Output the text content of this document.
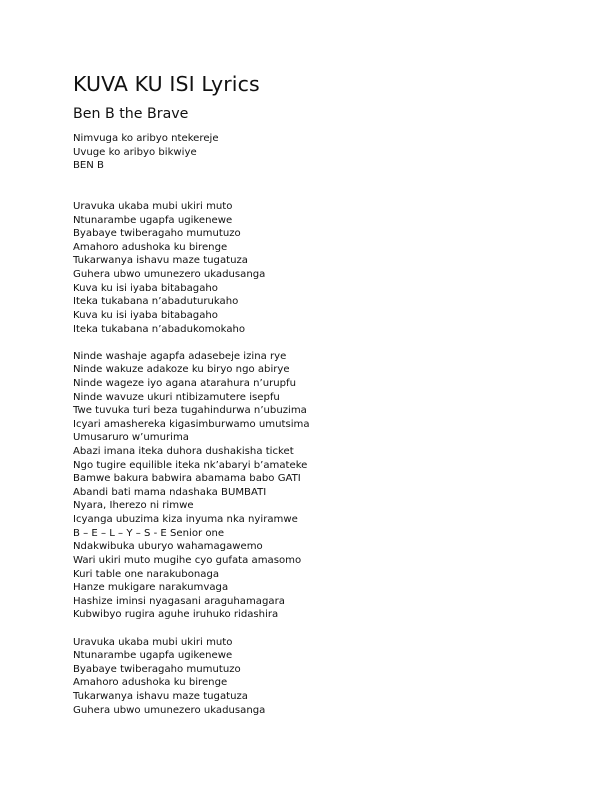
KUVA KU ISI Lyrics
Ben B the Brave
Nimvuga ko aribyo ntekereje
Uvuge ko aribyo bikwiye
BEN B
Uravuka ukaba mubi ukiri muto
Ntunarambe ugapfa ugikenewe
Byabaye twiberagaho mumutuzo
Amahoro adushoka ku birenge
Tukarwanya ishavu maze tugatuza
Guhera ubwo umunezero ukadusanga
Kuva ku isi iyaba bitabagaho
Iteka tukabana n’abaduturukaho
Kuva ku isi iyaba bitabagaho
Iteka tukabana n’abadukomokaho
Ninde washaje agapfa adasebeje izina rye
Ninde wakuze adakoze ku biryo ngo abirye
Ninde wageze iyo agana atarahura n’urupfu
Ninde wavuze ukuri ntibizamutere isepfu
Twe tuvuka turi beza tugahindurwa n’ubuzima
Icyari amashereka kigasimburwamo umutsima
Umusaruro w’umurima
Abazi imana iteka duhora dushakisha ticket
Ngo tugire equilible iteka nk’abaryi b’amateke
Bamwe bakura babwira abamama babo GATI
Abandi bati mama ndashaka BUMBATI
Nyara, Iherezo ni rimwe
Icyanga ubuzima kiza inyuma nka nyiramwe
B – E – L – Y – S - E Senior one
Ndakwibuka uburyo wahamagawemo
Wari ukiri muto mugihe cyo gufata amasomo
Kuri table one narakubonaga
Hanze mukigare narakumvaga
Hashize iminsi nyagasani araguhamagara
Kubwibyo rugira aguhe iruhuko ridashira
Uravuka ukaba mubi ukiri muto
Ntunarambe ugapfa ugikenewe
Byabaye twiberagaho mumutuzo
Amahoro adushoka ku birenge
Tukarwanya ishavu maze tugatuza
Guhera ubwo umunezero ukadusanga
